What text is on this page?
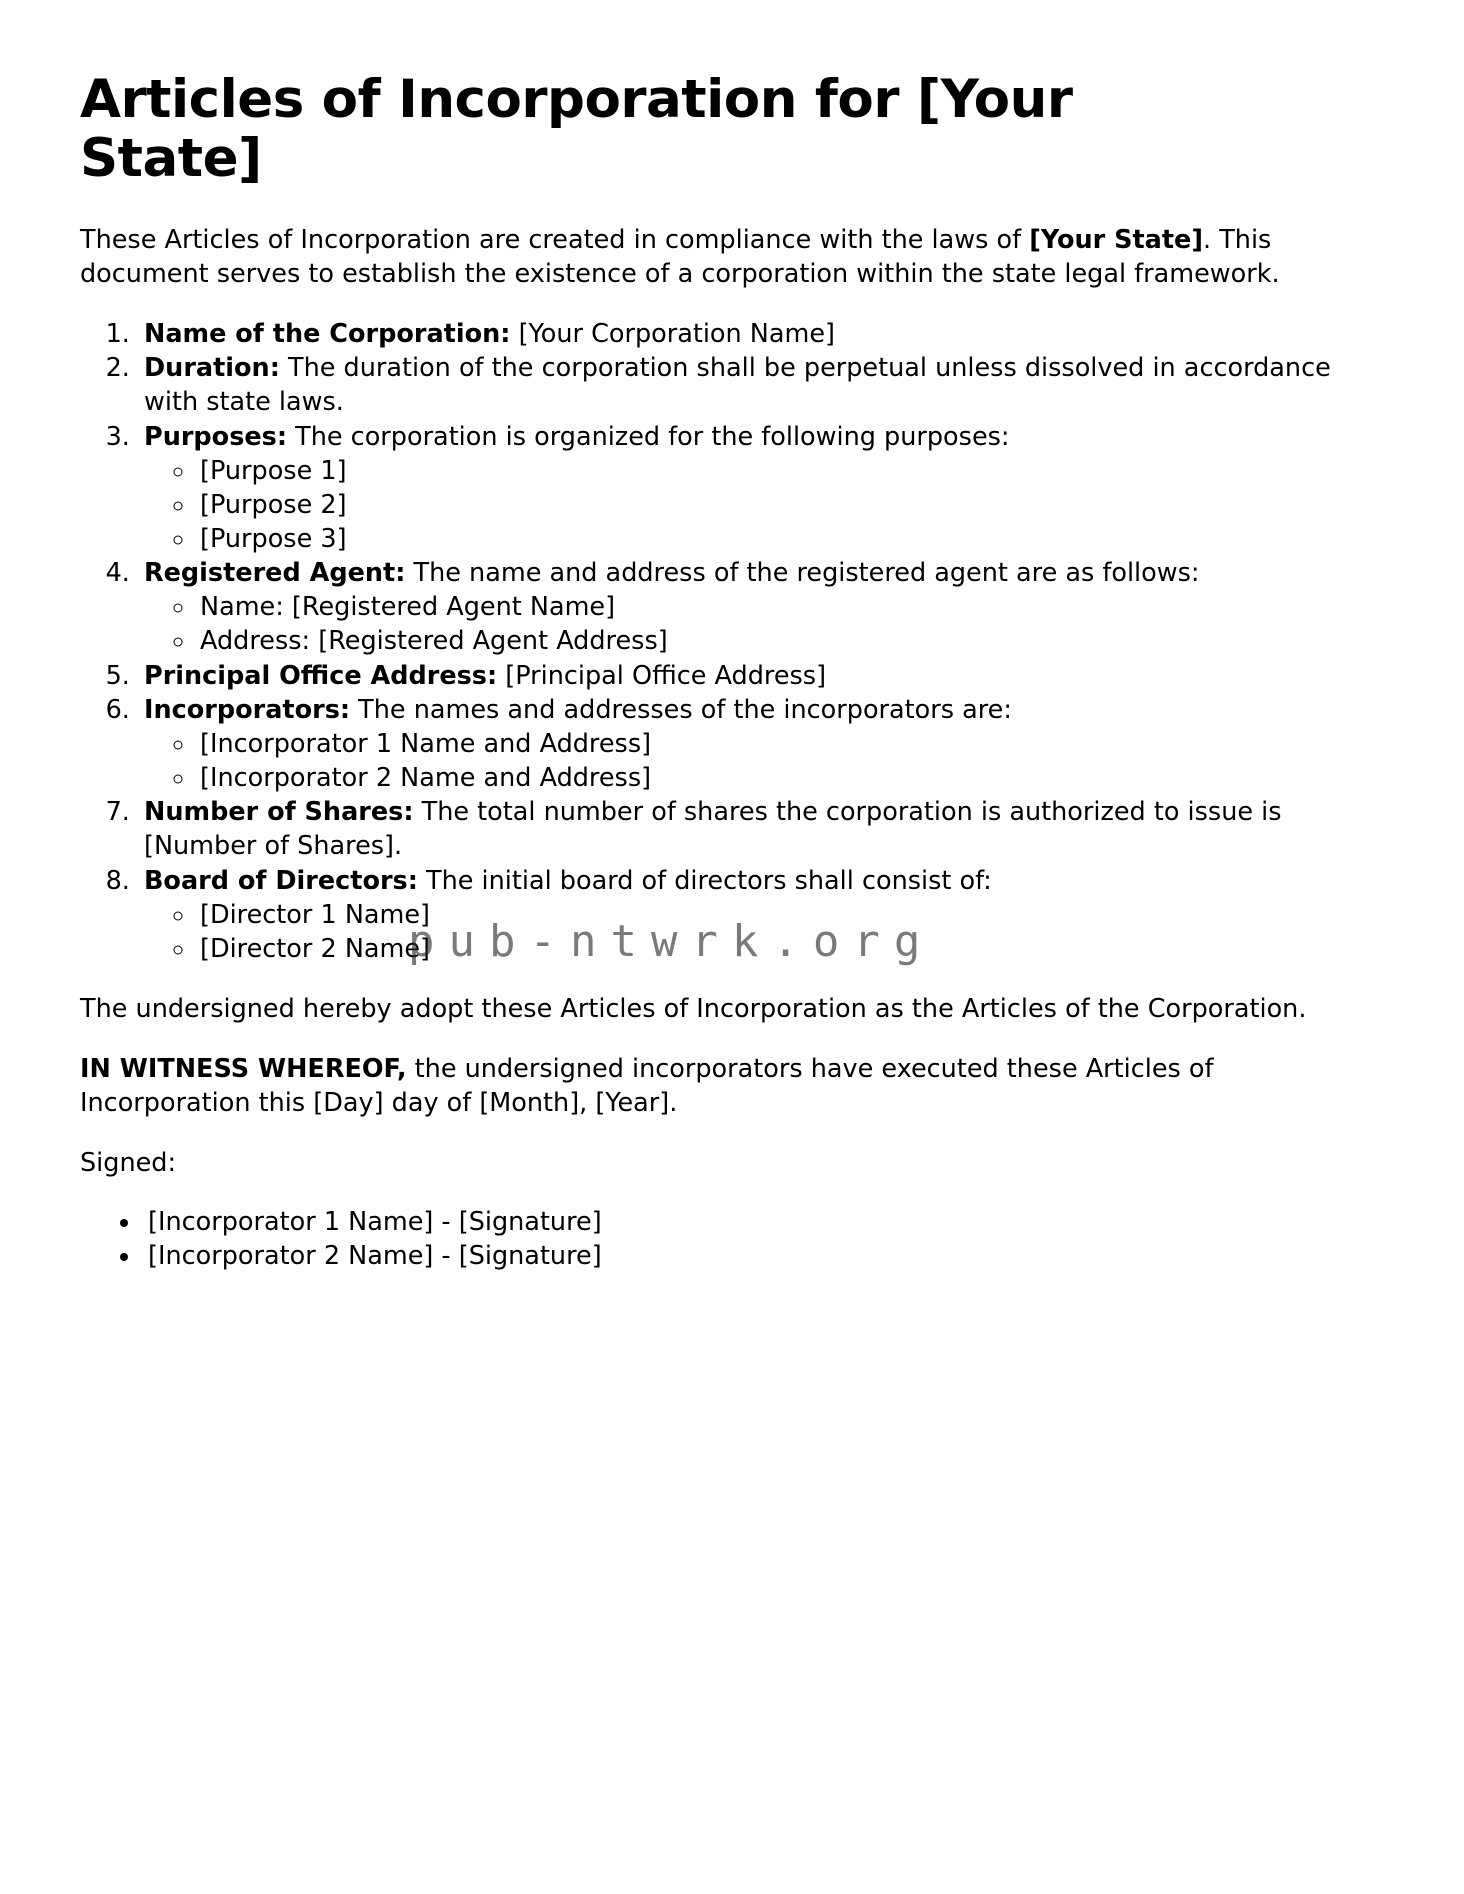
Articles of Incorporation for [Your State]

These Articles of Incorporation are created in compliance with the laws of [Your State]. This document serves to establish the existence of a corporation within the state legal framework.

1. Name of the Corporation: [Your Corporation Name]
2. Duration: The duration of the corporation shall be perpetual unless dissolved in accordance with state laws.
3. Purposes: The corporation is organized for the following purposes:
◦ [Purpose 1]
◦ [Purpose 2]
◦ [Purpose 3]
4. Registered Agent: The name and address of the registered agent are as follows:
◦ Name: [Registered Agent Name]
◦ Address: [Registered Agent Address]
5. Principal Office Address: [Principal Office Address]
6. Incorporators: The names and addresses of the incorporators are:
◦ [Incorporator 1 Name and Address]
◦ [Incorporator 2 Name and Address]
7. Number of Shares: The total number of shares the corporation is authorized to issue is [Number of Shares].
8. Board of Directors: The initial board of directors shall consist of:
◦ [Director 1 Name]
◦ [Director 2 Name]

The undersigned hereby adopt these Articles of Incorporation as the Articles of the Corporation.

IN WITNESS WHEREOF, the undersigned incorporators have executed these Articles of Incorporation this [Day] day of [Month], [Year].

Signed:

• [Incorporator 1 Name] - [Signature]
• [Incorporator 2 Name] - [Signature]
pub-ntwrk.org
